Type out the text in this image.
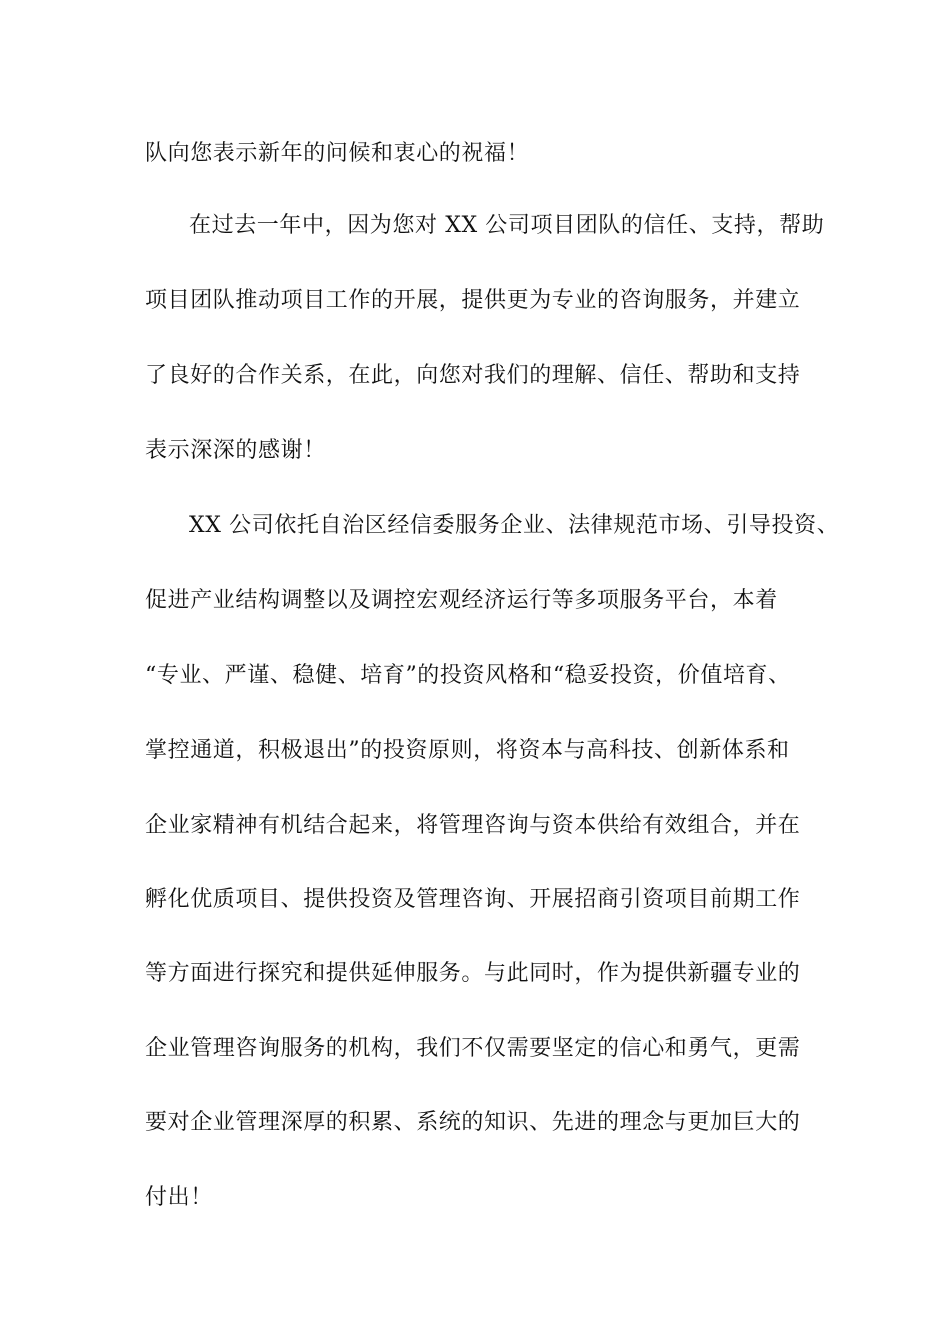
队向您表示新年的问候和衷心的祝福！
在过去一年中，因为您对 XX 公司项目团队的信任、支持，帮助
项目团队推动项目工作的开展，提供更为专业的咨询服务，并建立
了良好的合作关系，在此，向您对我们的理解、信任、帮助和支持
表示深深的感谢！
XX 公司依托自治区经信委服务企业、法律规范市场、引导投资、
促进产业结构调整以及调控宏观经济运行等多项服务平台，本着
“专业、严谨、稳健、培育”的投资风格和“稳妥投资，价值培育、
掌控通道，积极退出”的投资原则，将资本与高科技、创新体系和
企业家精神有机结合起来，将管理咨询与资本供给有效组合，并在
孵化优质项目、提供投资及管理咨询、开展招商引资项目前期工作
等方面进行探究和提供延伸服务。与此同时，作为提供新疆专业的
企业管理咨询服务的机构，我们不仅需要坚定的信心和勇气，更需
要对企业管理深厚的积累、系统的知识、先进的理念与更加巨大的
付出！
